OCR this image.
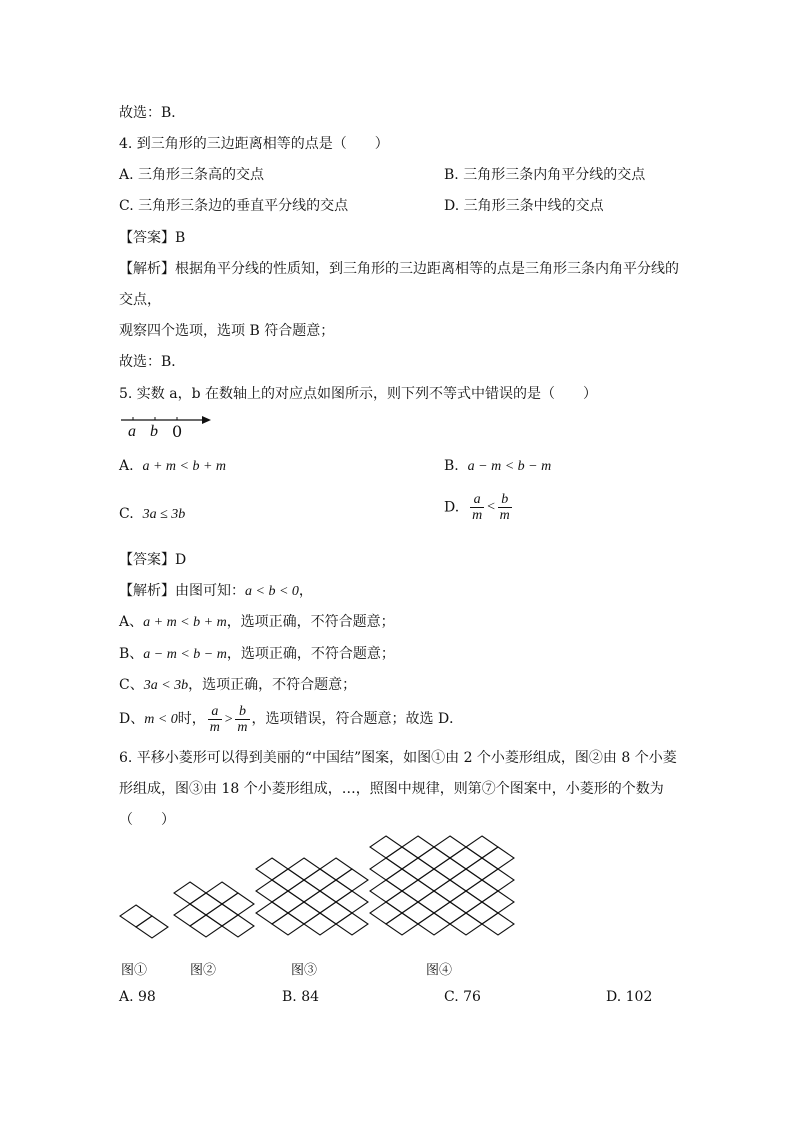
故选：B．
4. 到三角形的三边距离相等的点是（　　）
A. 三角形三条高的交点	B. 三角形三条内角平分线的交点
C. 三角形三条边的垂直平分线的交点	D. 三角形三条中线的交点
【答案】B
【解析】根据角平分线的性质知，到三角形的三边距离相等的点是三角形三条内角平分线的
交点，
观察四个选项，选项 B 符合题意；
故选：B．
5. 实数 a，b 在数轴上的对应点如图所示，则下列不等式中错误的是（　　）
a b 0
A. a + m < b + m	B. a − m < b − m
C. 3a ≤ 3b	D. $\frac{a}{m} < \frac{b}{m}$
【答案】D
【解析】由图可知：a < b < 0，
A、a + m < b + m，选项正确，不符合题意；
B、a − m < b − m，选项正确，不符合题意；
C、3a < 3b，选项正确，不符合题意；
D、m < 0时， $\frac{a}{m} > \frac{b}{m}$ ，选项错误，符合题意；故选 D．
6. 平移小菱形可以得到美丽的“中国结”图案，如图①由 2 个小菱形组成，图②由 8 个小菱
形组成，图③由 18 个小菱形组成，…，照图中规律，则第⑦个图案中，小菱形的个数为
（　　）
图①	图②	图③	图④
A. 98	B. 84	C. 76	D. 102
